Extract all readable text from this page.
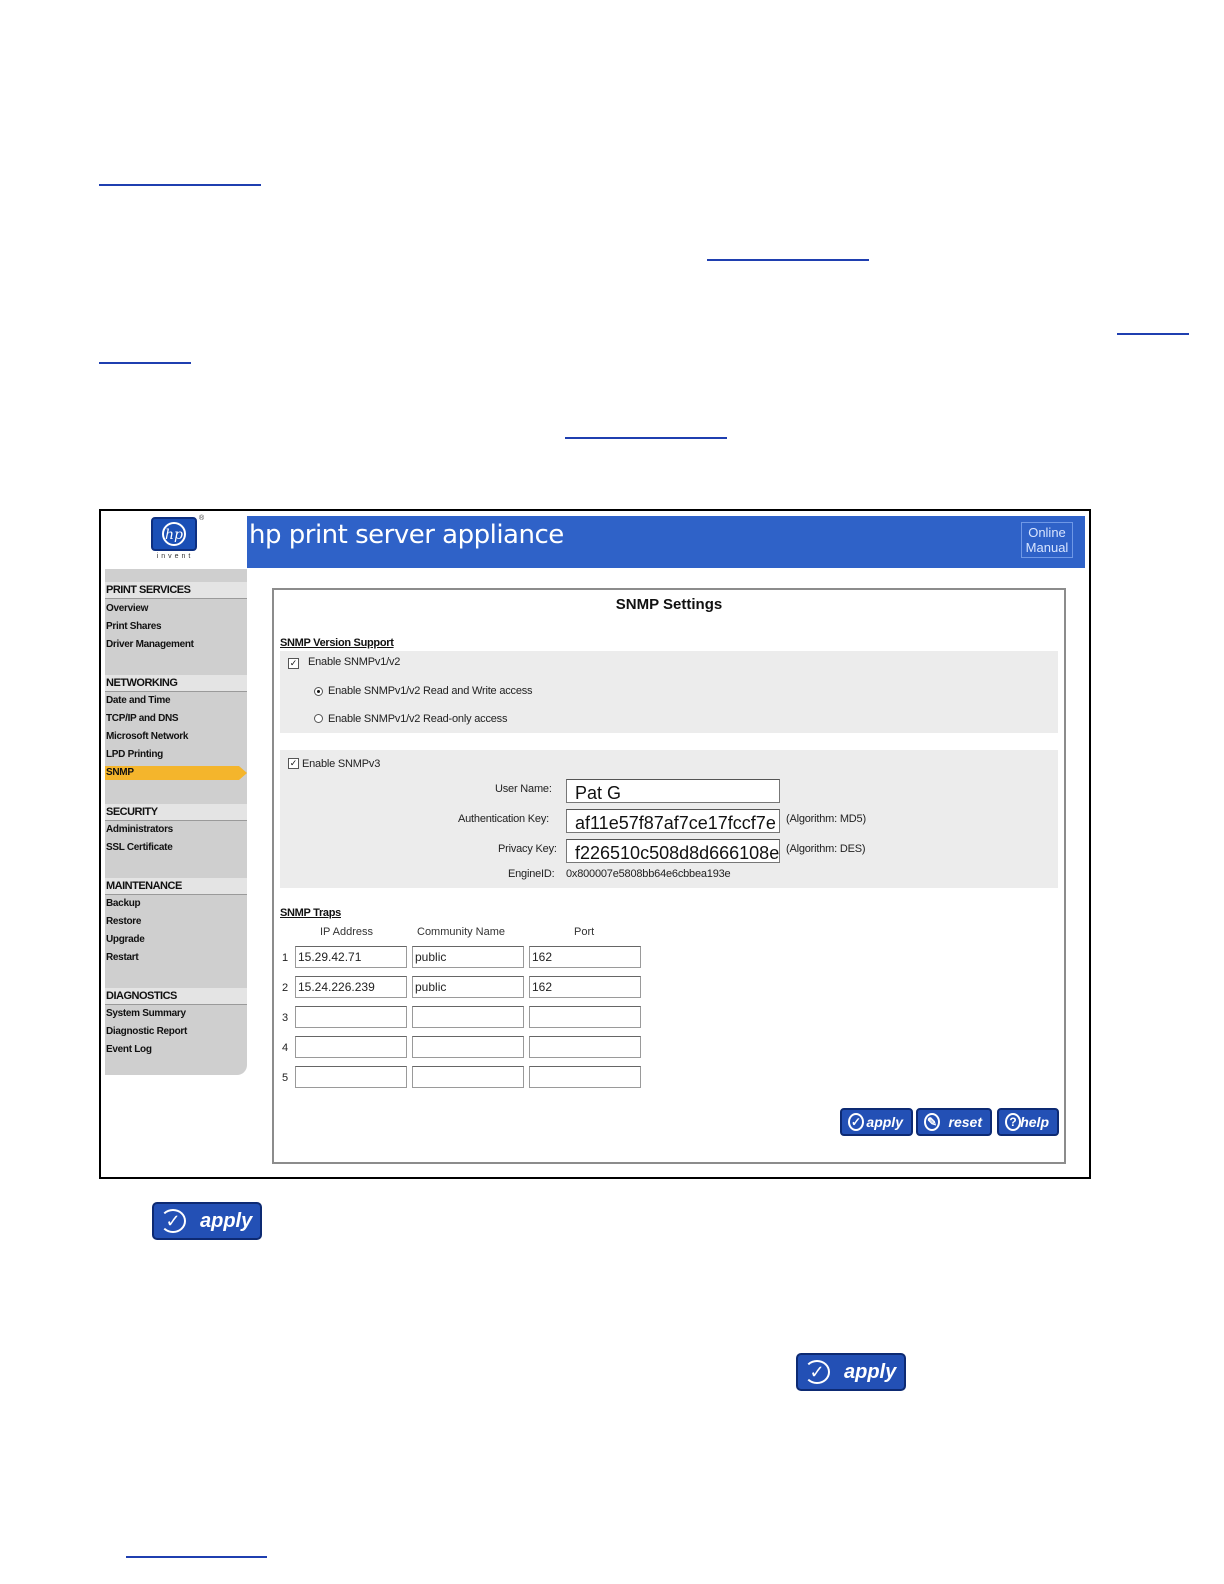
hp
®
invent
hp print server appliance	Online Manual
PRINT SERVICES
Overview
Print Shares
Driver Management
NETWORKING
Date and Time
TCP/IP and DNS
Microsoft Network
LPD Printing
SNMP
SECURITY
Administrators
SSL Certificate
MAINTENANCE
Backup
Restore
Upgrade
Restart
DIAGNOSTICS
System Summary
Diagnostic Report
Event Log
SNMP Settings
SNMP Version Support
✓ Enable SNMPv1/v2
Enable SNMPv1/v2 Read and Write access
Enable SNMPv1/v2 Read-only access
✓ Enable SNMPv3
User Name:	Pat G
Authentication Key:	af11e57f87af7ce17fccf7e (Algorithm: MD5)
Privacy Key:	f226510c508d8d666108e (Algorithm: DES)
EngineID: 0x800007e5808bb64e6cbbea193e
SNMP Traps
IP Address	Community Name	Port
1 15.29.42.71	public	162
2 15.24.226.239	public	162
3
4
5
✓ apply ✎ reset	? help
✓ apply
✓ apply
